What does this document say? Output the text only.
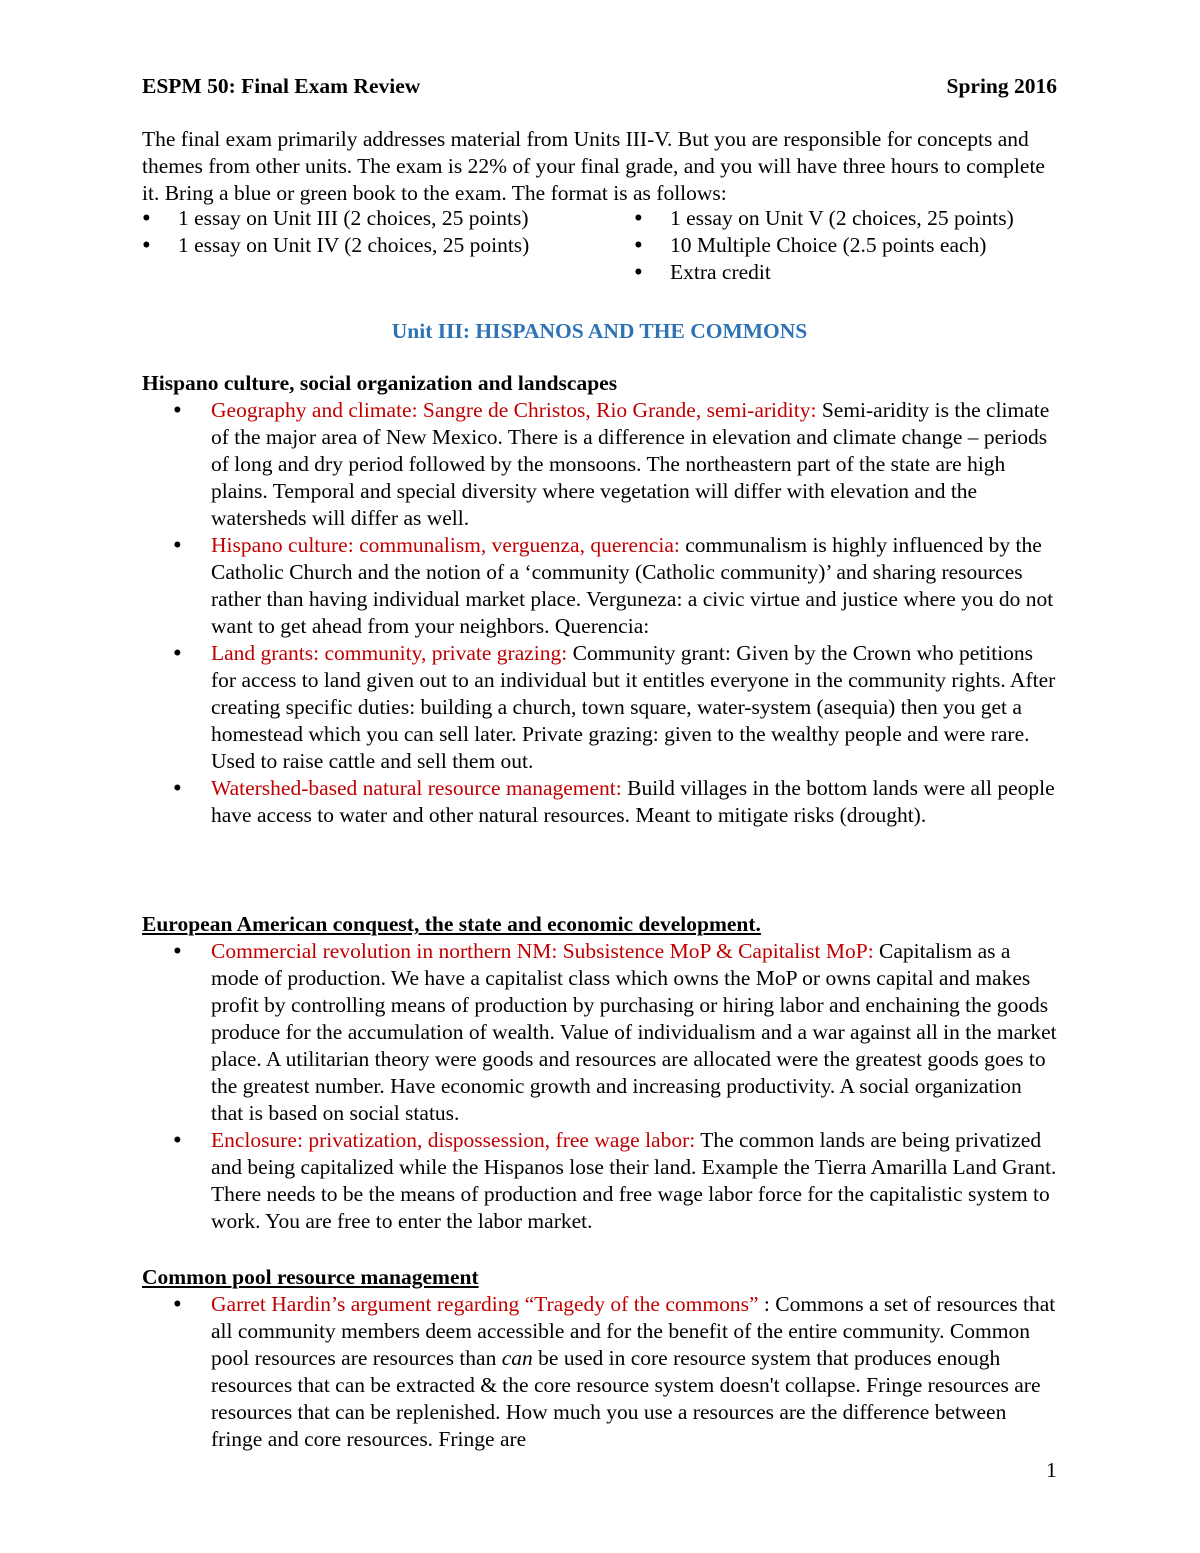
ESPM 50: Final Exam Review	Spring 2016

The final exam primarily addresses material from Units III-V. But you are responsible for concepts and themes from other units. The exam is 22% of your final grade, and you will have three hours to complete it. Bring a blue or green book to the exam. The format is as follows:

• 1 essay on Unit III (2 choices, 25 points)
• 1 essay on Unit IV (2 choices, 25 points)
• 1 essay on Unit V (2 choices, 25 points)
• 10 Multiple Choice (2.5 points each)
• Extra credit
Unit III: HISPANOS AND THE COMMONS
Hispano culture, social organization and landscapes
• Geography and climate: Sangre de Christos, Rio Grande, semi-aridity: Semi-aridity is the climate of the major area of New Mexico. There is a difference in elevation and climate change – periods of long and dry period followed by the monsoons. The northeastern part of the state are high plains. Temporal and special diversity where vegetation will differ with elevation and the watersheds will differ as well.
• Hispano culture: communalism, verguenza, querencia: communalism is highly influenced by the Catholic Church and the notion of a ‘community (Catholic community)’ and sharing resources rather than having individual market place. Verguneza: a civic virtue and justice where you do not want to get ahead from your neighbors. Querencia:
• Land grants: community, private grazing: Community grant: Given by the Crown who petitions for access to land given out to an individual but it entitles everyone in the community rights. After creating specific duties: building a church, town square, water-system (asequia) then you get a homestead which you can sell later. Private grazing: given to the wealthy people and were rare. Used to raise cattle and sell them out.
• Watershed-based natural resource management: Build villages in the bottom lands were all people have access to water and other natural resources. Meant to mitigate risks (drought).
European American conquest, the state and economic development.
• Commercial revolution in northern NM: Subsistence MoP & Capitalist MoP: Capitalism as a mode of production. We have a capitalist class which owns the MoP or owns capital and makes profit by controlling means of production by purchasing or hiring labor and enchaining the goods produce for the accumulation of wealth. Value of individualism and a war against all in the market place. A utilitarian theory were goods and resources are allocated were the greatest goods goes to the greatest number. Have economic growth and increasing productivity. A social organization that is based on social status.
• Enclosure: privatization, dispossession, free wage labor: The common lands are being privatized and being capitalized while the Hispanos lose their land. Example the Tierra Amarilla Land Grant. There needs to be the means of production and free wage labor force for the capitalistic system to work. You are free to enter the labor market.
Common pool resource management
• Garret Hardin’s argument regarding “Tragedy of the commons” : Commons a set of resources that all community members deem accessible and for the benefit of the entire community. Common pool resources are resources than can be used in core resource system that produces enough resources that can be extracted & the core resource system doesn't collapse. Fringe resources are resources that can be replenished. How much you use a resources are the difference between fringe and core resources. Fringe are
1
